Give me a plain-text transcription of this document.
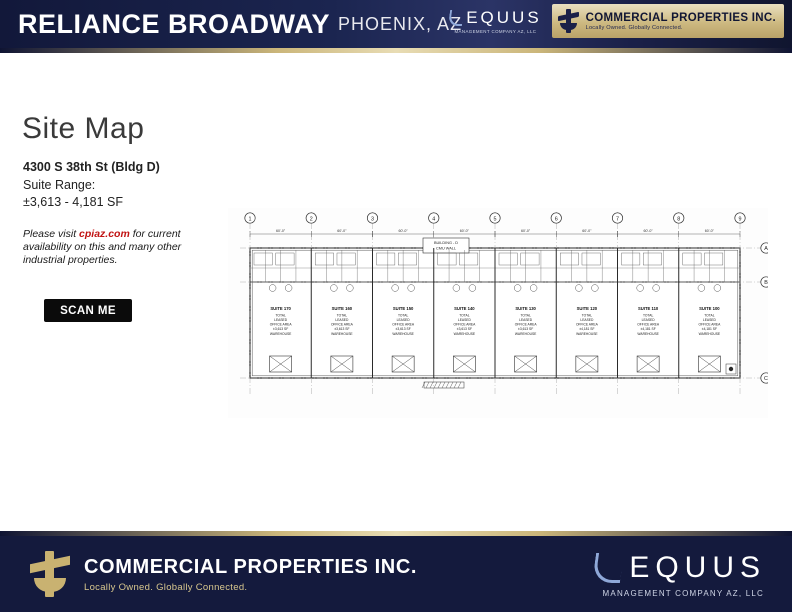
RELIANCE BROADWAY PHOENIX, AZ EQUUS
MANAGEMENT COMPANY AZ, LLC
COMMERCIAL PROPERTIES INC.
Locally Owned. Globally Connected.
Site Map
4300 S 38th St (Bldg D)
Suite Range:
±3,613 - 4,181 SF
Please visit cpiaz.com for current availability on this and many other industrial properties.
SCAN ME
1	2	3	4	5	6	7	8	9
A
B
C
60'-0"	60'-0"	60'-0"	60'-0"	60'-0"	60'-0"	60'-0"	60'-0"
BUILDING - D
CMU WALL
SUITE 170
TOTAL
LEASED
OFFICE AREA
±3,613 SF
WAREHOUSE
SUITE 160
TOTAL
LEASED
OFFICE AREA
±3,613 SF
WAREHOUSE
SUITE 150
TOTAL
LEASED
OFFICE AREA
±3,613 SF
WAREHOUSE
SUITE 140
TOTAL
LEASED
OFFICE AREA
±3,613 SF
WAREHOUSE
SUITE 130
TOTAL
LEASED
OFFICE AREA
±3,613 SF
WAREHOUSE
SUITE 120
TOTAL
LEASED
OFFICE AREA
±4,181 SF
WAREHOUSE
SUITE 110
TOTAL
LEASED
OFFICE AREA
±4,181 SF
WAREHOUSE
SUITE 100
TOTAL
LEASED
OFFICE AREA
±4,181 SF
WAREHOUSE
COMMERCIAL PROPERTIES INC.
Locally Owned. Globally Connected.
EQUUS
MANAGEMENT COMPANY AZ, LLC
